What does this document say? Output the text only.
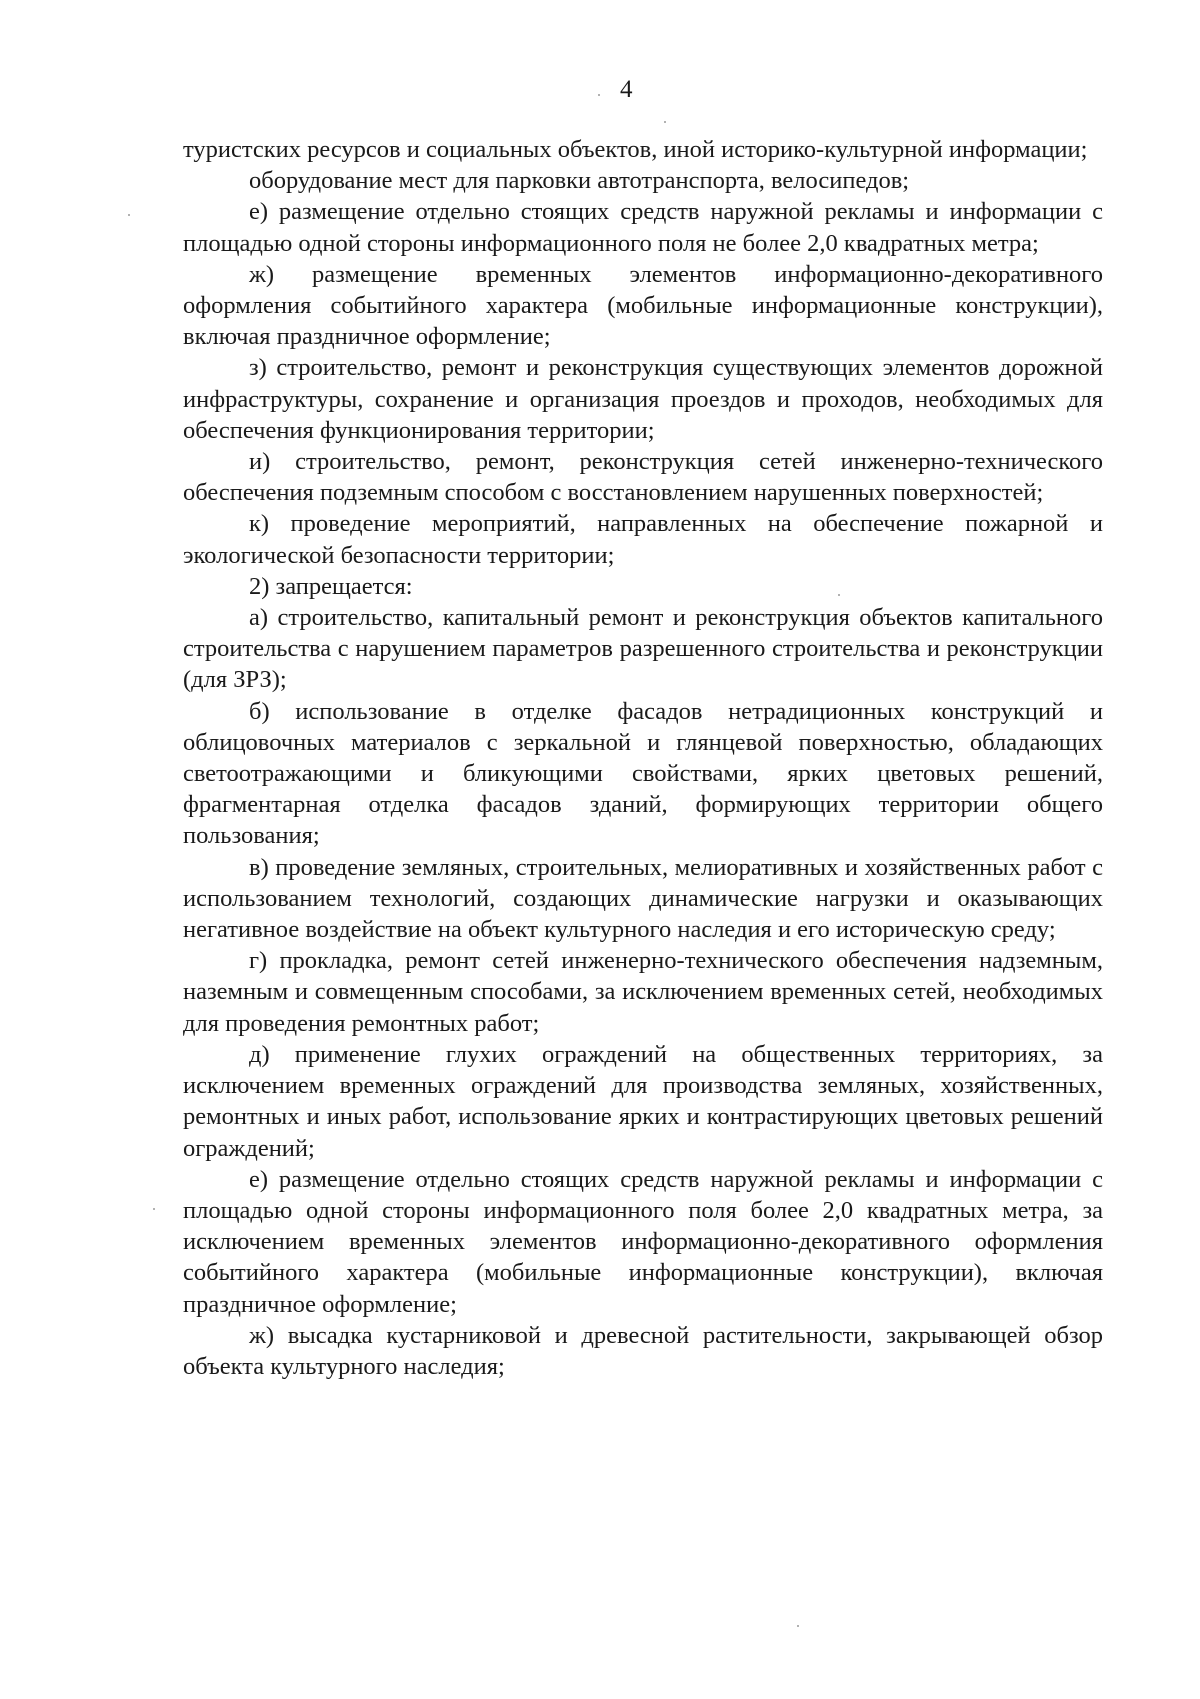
4

туристских ресурсов и социальных объектов, иной историко-культурной информации;

оборудование мест для парковки автотранспорта, велосипедов;

е) размещение отдельно стоящих средств наружной рекламы и информации с площадью одной стороны информационного поля не более 2,0 квадратных метра;

ж) размещение временных элементов информационно-декоративного оформления событийного характера (мобильные информационные конструкции), включая праздничное оформление;

з) строительство, ремонт и реконструкция существующих элементов дорожной инфраструктуры, сохранение и организация проездов и проходов, необходимых для обеспечения функционирования территории;

и) строительство, ремонт, реконструкция сетей инженерно-технического обеспечения подземным способом с восстановлением нарушенных поверхностей;

к) проведение мероприятий, направленных на обеспечение пожарной и экологической безопасности территории;

2) запрещается:

а) строительство, капитальный ремонт и реконструкция объектов капитального строительства с нарушением параметров разрешенного строительства и реконструкции (для ЗРЗ);

б) использование в отделке фасадов нетрадиционных конструкций и облицовочных материалов с зеркальной и глянцевой поверхностью, обладающих светоотражающими и бликующими свойствами, ярких цветовых решений, фрагментарная отделка фасадов зданий, формирующих территории общего пользования;

в) проведение земляных, строительных, мелиоративных и хозяйственных работ с использованием технологий, создающих динамические нагрузки и оказывающих негативное воздействие на объект культурного наследия и его историческую среду;

г) прокладка, ремонт сетей инженерно-технического обеспечения надземным, наземным и совмещенным способами, за исключением временных сетей, необходимых для проведения ремонтных работ;

д) применение глухих ограждений на общественных территориях, за исключением временных ограждений для производства земляных, хозяйственных, ремонтных и иных работ, использование ярких и контрастирующих цветовых решений ограждений;

е) размещение отдельно стоящих средств наружной рекламы и информации с площадью одной стороны информационного поля более 2,0 квадратных метра, за исключением временных элементов информационно-декоративного оформления событийного характера (мобильные информационные конструкции), включая праздничное оформление;

ж) высадка кустарниковой и древесной растительности, закрывающей обзор объекта культурного наследия;
